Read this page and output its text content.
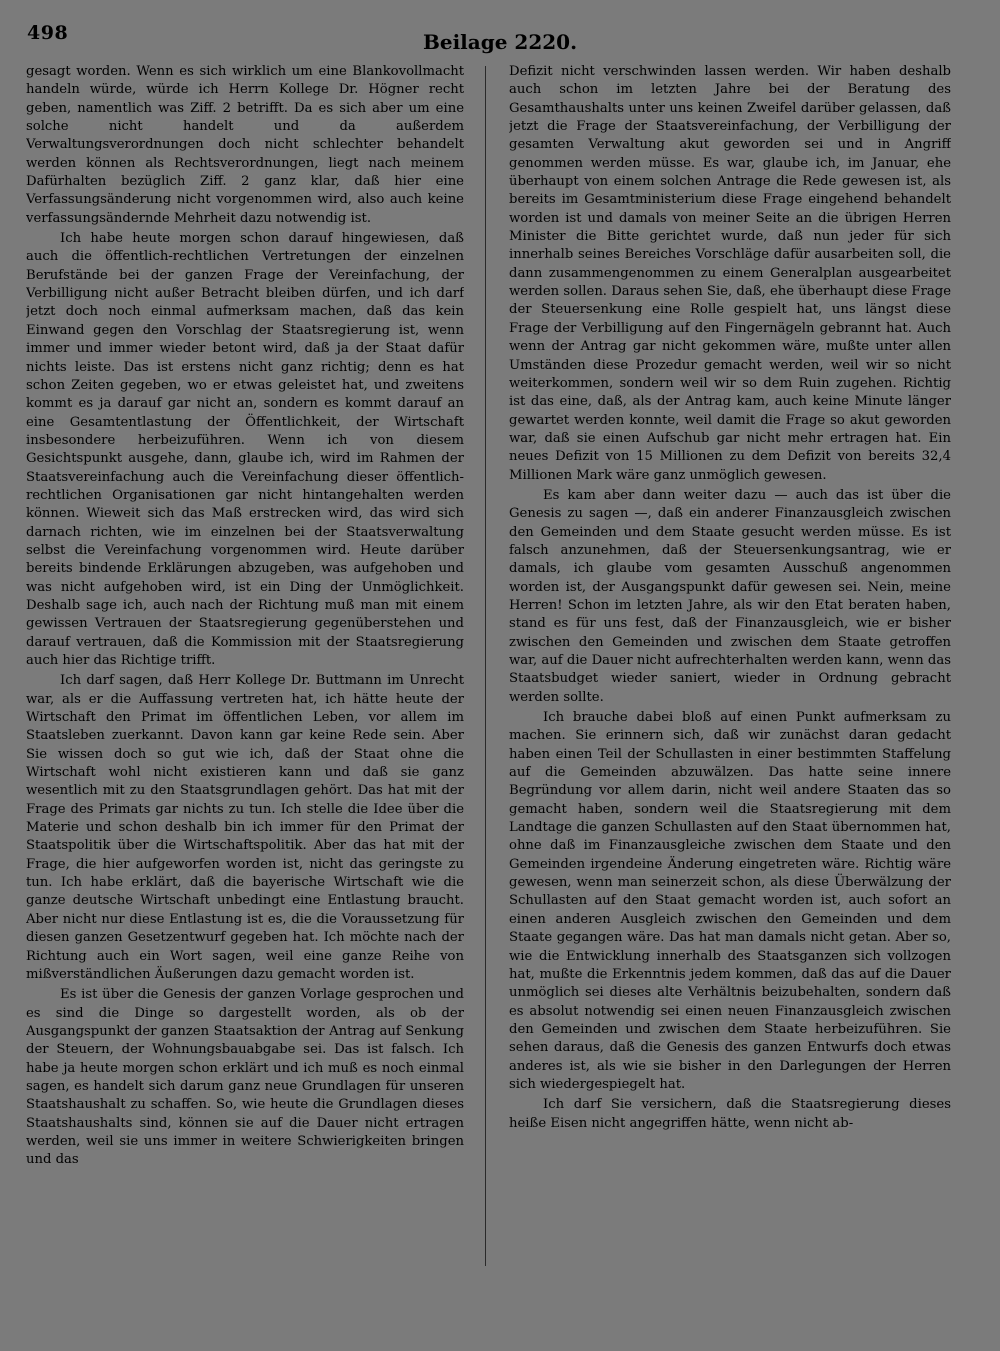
498	Beilage 2220.

gesagt worden. Wenn es sich wirklich um eine Blankovollmacht handeln würde, würde ich Herrn Kollege Dr. Högner recht geben, namentlich was Ziff. 2 betrifft. Da es sich aber um eine solche nicht handelt und da außerdem Verwaltungsverordnungen doch nicht schlechter behandelt werden können als Rechtsverordnungen, liegt nach meinem Dafürhalten bezüglich Ziff. 2 ganz klar, daß hier eine Verfassungsänderung nicht vorgenommen wird, also auch keine verfassungsändernde Mehrheit dazu notwendig ist.

Ich habe heute morgen schon darauf hingewiesen, daß auch die öffentlich-rechtlichen Vertretungen der einzelnen Berufstände bei der ganzen Frage der Vereinfachung, der Verbilligung nicht außer Betracht bleiben dürfen, und ich darf jetzt doch noch einmal aufmerksam machen, daß das kein Einwand gegen den Vorschlag der Staatsregierung ist, wenn immer und immer wieder betont wird, daß ja der Staat dafür nichts leiste. Das ist erstens nicht ganz richtig; denn es hat schon Zeiten gegeben, wo er etwas geleistet hat, und zweitens kommt es ja darauf gar nicht an, sondern es kommt darauf an eine Gesamtentlastung der Öffentlichkeit, der Wirtschaft insbesondere herbeizuführen. Wenn ich von diesem Gesichtspunkt ausgehe, dann, glaube ich, wird im Rahmen der Staatsvereinfachung auch die Vereinfachung dieser öffentlich-rechtlichen Organisationen gar nicht hintangehalten werden können. Wieweit sich das Maß erstrecken wird, das wird sich darnach richten, wie im einzelnen bei der Staatsverwaltung selbst die Vereinfachung vorgenommen wird. Heute darüber bereits bindende Erklärungen abzugeben, was aufgehoben und was nicht aufgehoben wird, ist ein Ding der Unmöglichkeit. Deshalb sage ich, auch nach der Richtung muß man mit einem gewissen Vertrauen der Staatsregierung gegenüberstehen und darauf vertrauen, daß die Kommission mit der Staatsregierung auch hier das Richtige trifft.

Ich darf sagen, daß Herr Kollege Dr. Buttmann im Unrecht war, als er die Auffassung vertreten hat, ich hätte heute der Wirtschaft den Primat im öffentlichen Leben, vor allem im Staatsleben zuerkannt. Davon kann gar keine Rede sein. Aber Sie wissen doch so gut wie ich, daß der Staat ohne die Wirtschaft wohl nicht existieren kann und daß sie ganz wesentlich mit zu den Staatsgrundlagen gehört. Das hat mit der Frage des Primats gar nichts zu tun. Ich stelle die Idee über die Materie und schon deshalb bin ich immer für den Primat der Staatspolitik über die Wirtschaftspolitik. Aber das hat mit der Frage, die hier aufgeworfen worden ist, nicht das geringste zu tun. Ich habe erklärt, daß die bayerische Wirtschaft wie die ganze deutsche Wirtschaft unbedingt eine Entlastung braucht. Aber nicht nur diese Entlastung ist es, die die Voraussetzung für diesen ganzen Gesetzentwurf gegeben hat. Ich möchte nach der Richtung auch ein Wort sagen, weil eine ganze Reihe von mißverständlichen Äußerungen dazu gemacht worden ist.

Es ist über die Genesis der ganzen Vorlage gesprochen und es sind die Dinge so dargestellt worden, als ob der Ausgangspunkt der ganzen Staatsaktion der Antrag auf Senkung der Steuern, der Wohnungsbauabgabe sei. Das ist falsch. Ich habe ja heute morgen schon erklärt und ich muß es noch einmal sagen, es handelt sich darum ganz neue Grundlagen für unseren Staatshaushalt zu schaffen. So, wie heute die Grundlagen dieses Staatshaushalts sind, können sie auf die Dauer nicht ertragen werden, weil sie uns immer in weitere Schwierigkeiten bringen und das

Defizit nicht verschwinden lassen werden. Wir haben deshalb auch schon im letzten Jahre bei der Beratung des Gesamthaushalts unter uns keinen Zweifel darüber gelassen, daß jetzt die Frage der Staatsvereinfachung, der Verbilligung der gesamten Verwaltung akut geworden sei und in Angriff genommen werden müsse. Es war, glaube ich, im Januar, ehe überhaupt von einem solchen Antrage die Rede gewesen ist, als bereits im Gesamtministerium diese Frage eingehend behandelt worden ist und damals von meiner Seite an die übrigen Herren Minister die Bitte gerichtet wurde, daß nun jeder für sich innerhalb seines Bereiches Vorschläge dafür ausarbeiten soll, die dann zusammengenommen zu einem Generalplan ausgearbeitet werden sollen. Daraus sehen Sie, daß, ehe überhaupt diese Frage der Steuersenkung eine Rolle gespielt hat, uns längst diese Frage der Verbilligung auf den Fingernägeln gebrannt hat. Auch wenn der Antrag gar nicht gekommen wäre, mußte unter allen Umständen diese Prozedur gemacht werden, weil wir so nicht weiterkommen, sondern weil wir so dem Ruin zugehen. Richtig ist das eine, daß, als der Antrag kam, auch keine Minute länger gewartet werden konnte, weil damit die Frage so akut geworden war, daß sie einen Aufschub gar nicht mehr ertragen hat. Ein neues Defizit von 15 Millionen zu dem Defizit von bereits 32,4 Millionen Mark wäre ganz unmöglich gewesen.

Es kam aber dann weiter dazu — auch das ist über die Genesis zu sagen —, daß ein anderer Finanzausgleich zwischen den Gemeinden und dem Staate gesucht werden müsse. Es ist falsch anzunehmen, daß der Steuersenkungsantrag, wie er damals, ich glaube vom gesamten Ausschuß angenommen worden ist, der Ausgangspunkt dafür gewesen sei. Nein, meine Herren! Schon im letzten Jahre, als wir den Etat beraten haben, stand es für uns fest, daß der Finanzausgleich, wie er bisher zwischen den Gemeinden und zwischen dem Staate getroffen war, auf die Dauer nicht aufrechterhalten werden kann, wenn das Staatsbudget wieder saniert, wieder in Ordnung gebracht werden sollte.

Ich brauche dabei bloß auf einen Punkt aufmerksam zu machen. Sie erinnern sich, daß wir zunächst daran gedacht haben einen Teil der Schullasten in einer bestimmten Staffelung auf die Gemeinden abzuwälzen. Das hatte seine innere Begründung vor allem darin, nicht weil andere Staaten das so gemacht haben, sondern weil die Staatsregierung mit dem Landtage die ganzen Schullasten auf den Staat übernommen hat, ohne daß im Finanzausgleiche zwischen dem Staate und den Gemeinden irgendeine Änderung eingetreten wäre. Richtig wäre gewesen, wenn man seinerzeit schon, als diese Überwälzung der Schullasten auf den Staat gemacht worden ist, auch sofort an einen anderen Ausgleich zwischen den Gemeinden und dem Staate gegangen wäre. Das hat man damals nicht getan. Aber so, wie die Entwicklung innerhalb des Staatsganzen sich vollzogen hat, mußte die Erkenntnis jedem kommen, daß das auf die Dauer unmöglich sei dieses alte Verhältnis beizubehalten, sondern daß es absolut notwendig sei einen neuen Finanzausgleich zwischen den Gemeinden und zwischen dem Staate herbeizuführen. Sie sehen daraus, daß die Genesis des ganzen Entwurfs doch etwas anderes ist, als wie sie bisher in den Darlegungen der Herren sich wiedergespiegelt hat.

Ich darf Sie versichern, daß die Staatsregierung dieses heiße Eisen nicht angegriffen hätte, wenn nicht ab-
